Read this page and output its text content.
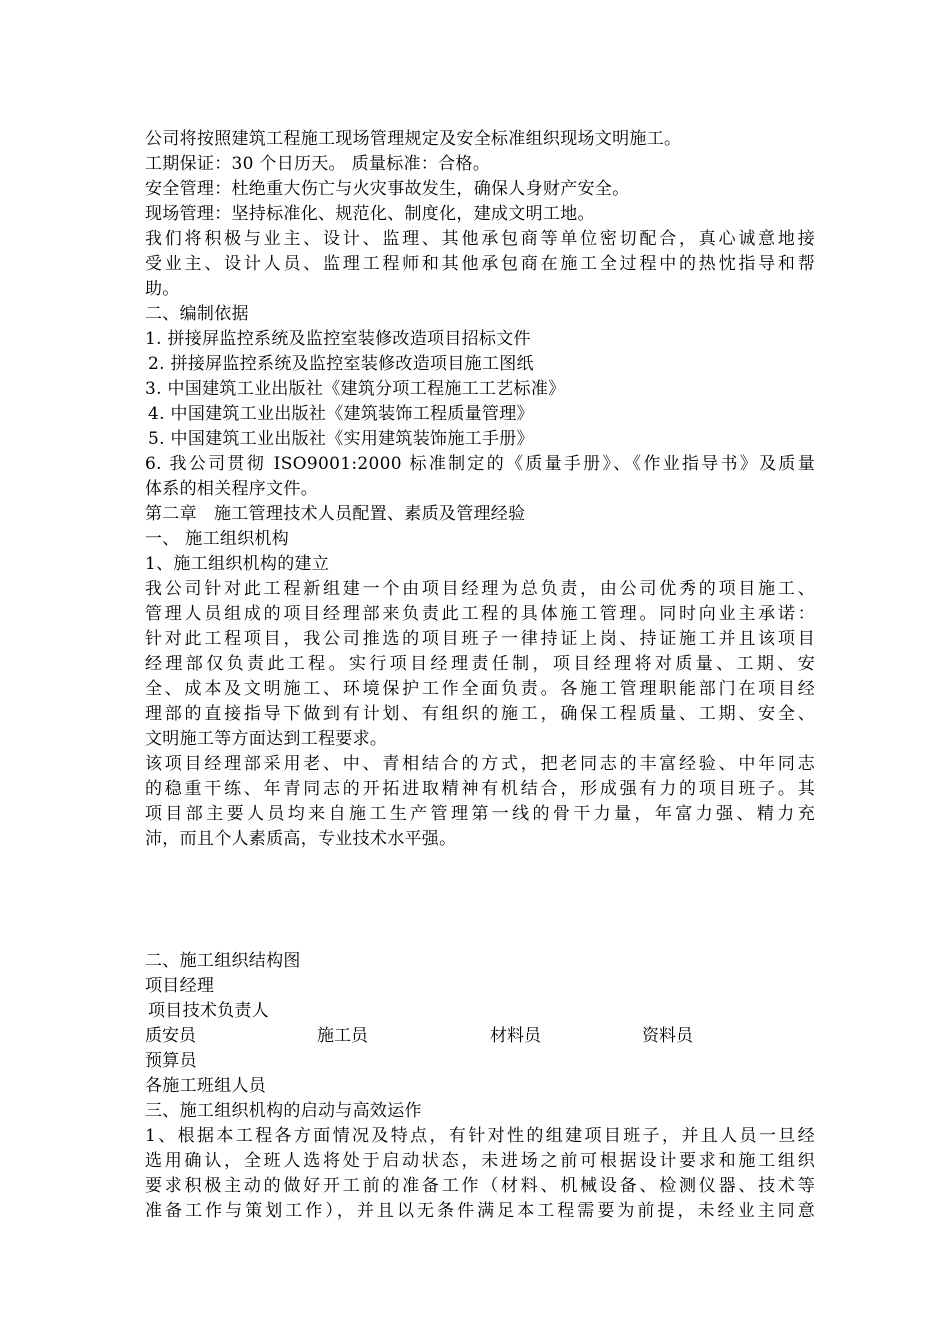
公司将按照建筑工程施工现场管理规定及安全标准组织现场文明施工。
工期保证：30 个日历天。 质量标准：合格。
安全管理：杜绝重大伤亡与火灾事故发生，确保人身财产安全。
现场管理：坚持标准化、规范化、制度化，建成文明工地。
我们将积极与业主、设计、监理、其他承包商等单位密切配合，真心诚意地接
受业主、设计人员、监理工程师和其他承包商在施工全过程中的热忱指导和帮
助。
二、编制依据
1. 拼接屏监控系统及监控室装修改造项目招标文件
2. 拼接屏监控系统及监控室装修改造项目施工图纸
3. 中国建筑工业出版社《建筑分项工程施工工艺标准》
4. 中国建筑工业出版社《建筑装饰工程质量管理》
5. 中国建筑工业出版社《实用建筑装饰施工手册》
6. 我公司贯彻 ISO9001:2000 标准制定的《质量手册》、《作业指导书》及质量
体系的相关程序文件。
第二章   施工管理技术人员配置、素质及管理经验
一、 施工组织机构
1、施工组织机构的建立
我公司针对此工程新组建一个由项目经理为总负责，由公司优秀的项目施工、
管理人员组成的项目经理部来负责此工程的具体施工管理。同时向业主承诺：
针对此工程项目，我公司推选的项目班子一律持证上岗、持证施工并且该项目
经理部仅负责此工程。实行项目经理责任制，项目经理将对质量、工期、安
全、成本及文明施工、环境保护工作全面负责。各施工管理职能部门在项目经
理部的直接指导下做到有计划、有组织的施工，确保工程质量、工期、安全、
文明施工等方面达到工程要求。
该项目经理部采用老、中、青相结合的方式，把老同志的丰富经验、中年同志
的稳重干练、年青同志的开拓进取精神有机结合，形成强有力的项目班子。其
项目部主要人员均来自施工生产管理第一线的骨干力量，年富力强、精力充
沛，而且个人素质高，专业技术水平强。
二、施工组织结构图
项目经理
项目技术负责人
质安员	施工员	材料员	资料员
预算员
各施工班组人员
三、施工组织机构的启动与高效运作
1、根据本工程各方面情况及特点，有针对性的组建项目班子，并且人员一旦经
选用确认，全班人选将处于启动状态，未进场之前可根据设计要求和施工组织
要求积极主动的做好开工前的准备工作（材料、机械设备、检测仪器、技术等
准备工作与策划工作），并且以无条件满足本工程需要为前提，未经业主同意
